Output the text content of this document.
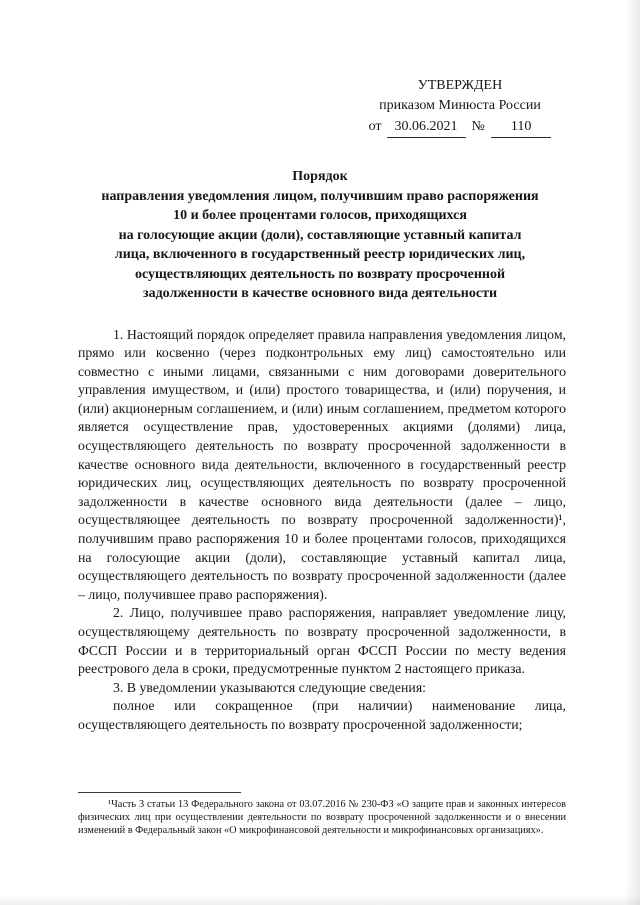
УТВЕРЖДЕН
приказом Минюста России
от 30.06.2021 № 110
Порядок
направления уведомления лицом, получившим право распоряжения
10 и более процентами голосов, приходящихся
на голосующие акции (доли), составляющие уставный капитал
лица, включенного в государственный реестр юридических лиц,
осуществляющих деятельность по возврату просроченной
задолженности в качестве основного вида деятельности

1. Настоящий порядок определяет правила направления уведомления лицом, прямо или косвенно (через подконтрольных ему лиц) самостоятельно или совместно с иными лицами, связанными с ним договорами доверительного управления имуществом, и (или) простого товарищества, и (или) поручения, и (или) акционерным соглашением, и (или) иным соглашением, предметом которого является осуществление прав, удостоверенных акциями (долями) лица, осуществляющего деятельность по возврату просроченной задолженности в качестве основного вида деятельности, включенного в государственный реестр юридических лиц, осуществляющих деятельность по возврату просроченной задолженности в качестве основного вида деятельности (далее – лицо, осуществляющее деятельность по возврату просроченной задолженности)¹, получившим право распоряжения 10 и более процентами голосов, приходящихся на голосующие акции (доли), составляющие уставный капитал лица, осуществляющего деятельность по возврату просроченной задолженности (далее – лицо, получившее право распоряжения).

2. Лицо, получившее право распоряжения, направляет уведомление лицу, осуществляющему деятельность по возврату просроченной задолженности, в ФССП России и в территориальный орган ФССП России по месту ведения реестрового дела в сроки, предусмотренные пунктом 2 настоящего приказа.

3. В уведомлении указываются следующие сведения:

полное или сокращенное (при наличии) наименование лица, осуществляющего деятельность по возврату просроченной задолженности;

¹Часть 3 статьи 13 Федерального закона от 03.07.2016 № 230-ФЗ «О защите прав и законных интересов физических лиц при осуществлении деятельности по возврату просроченной задолженности и о внесении изменений в Федеральный закон «О микрофинансовой деятельности и микрофинансовых организациях».
